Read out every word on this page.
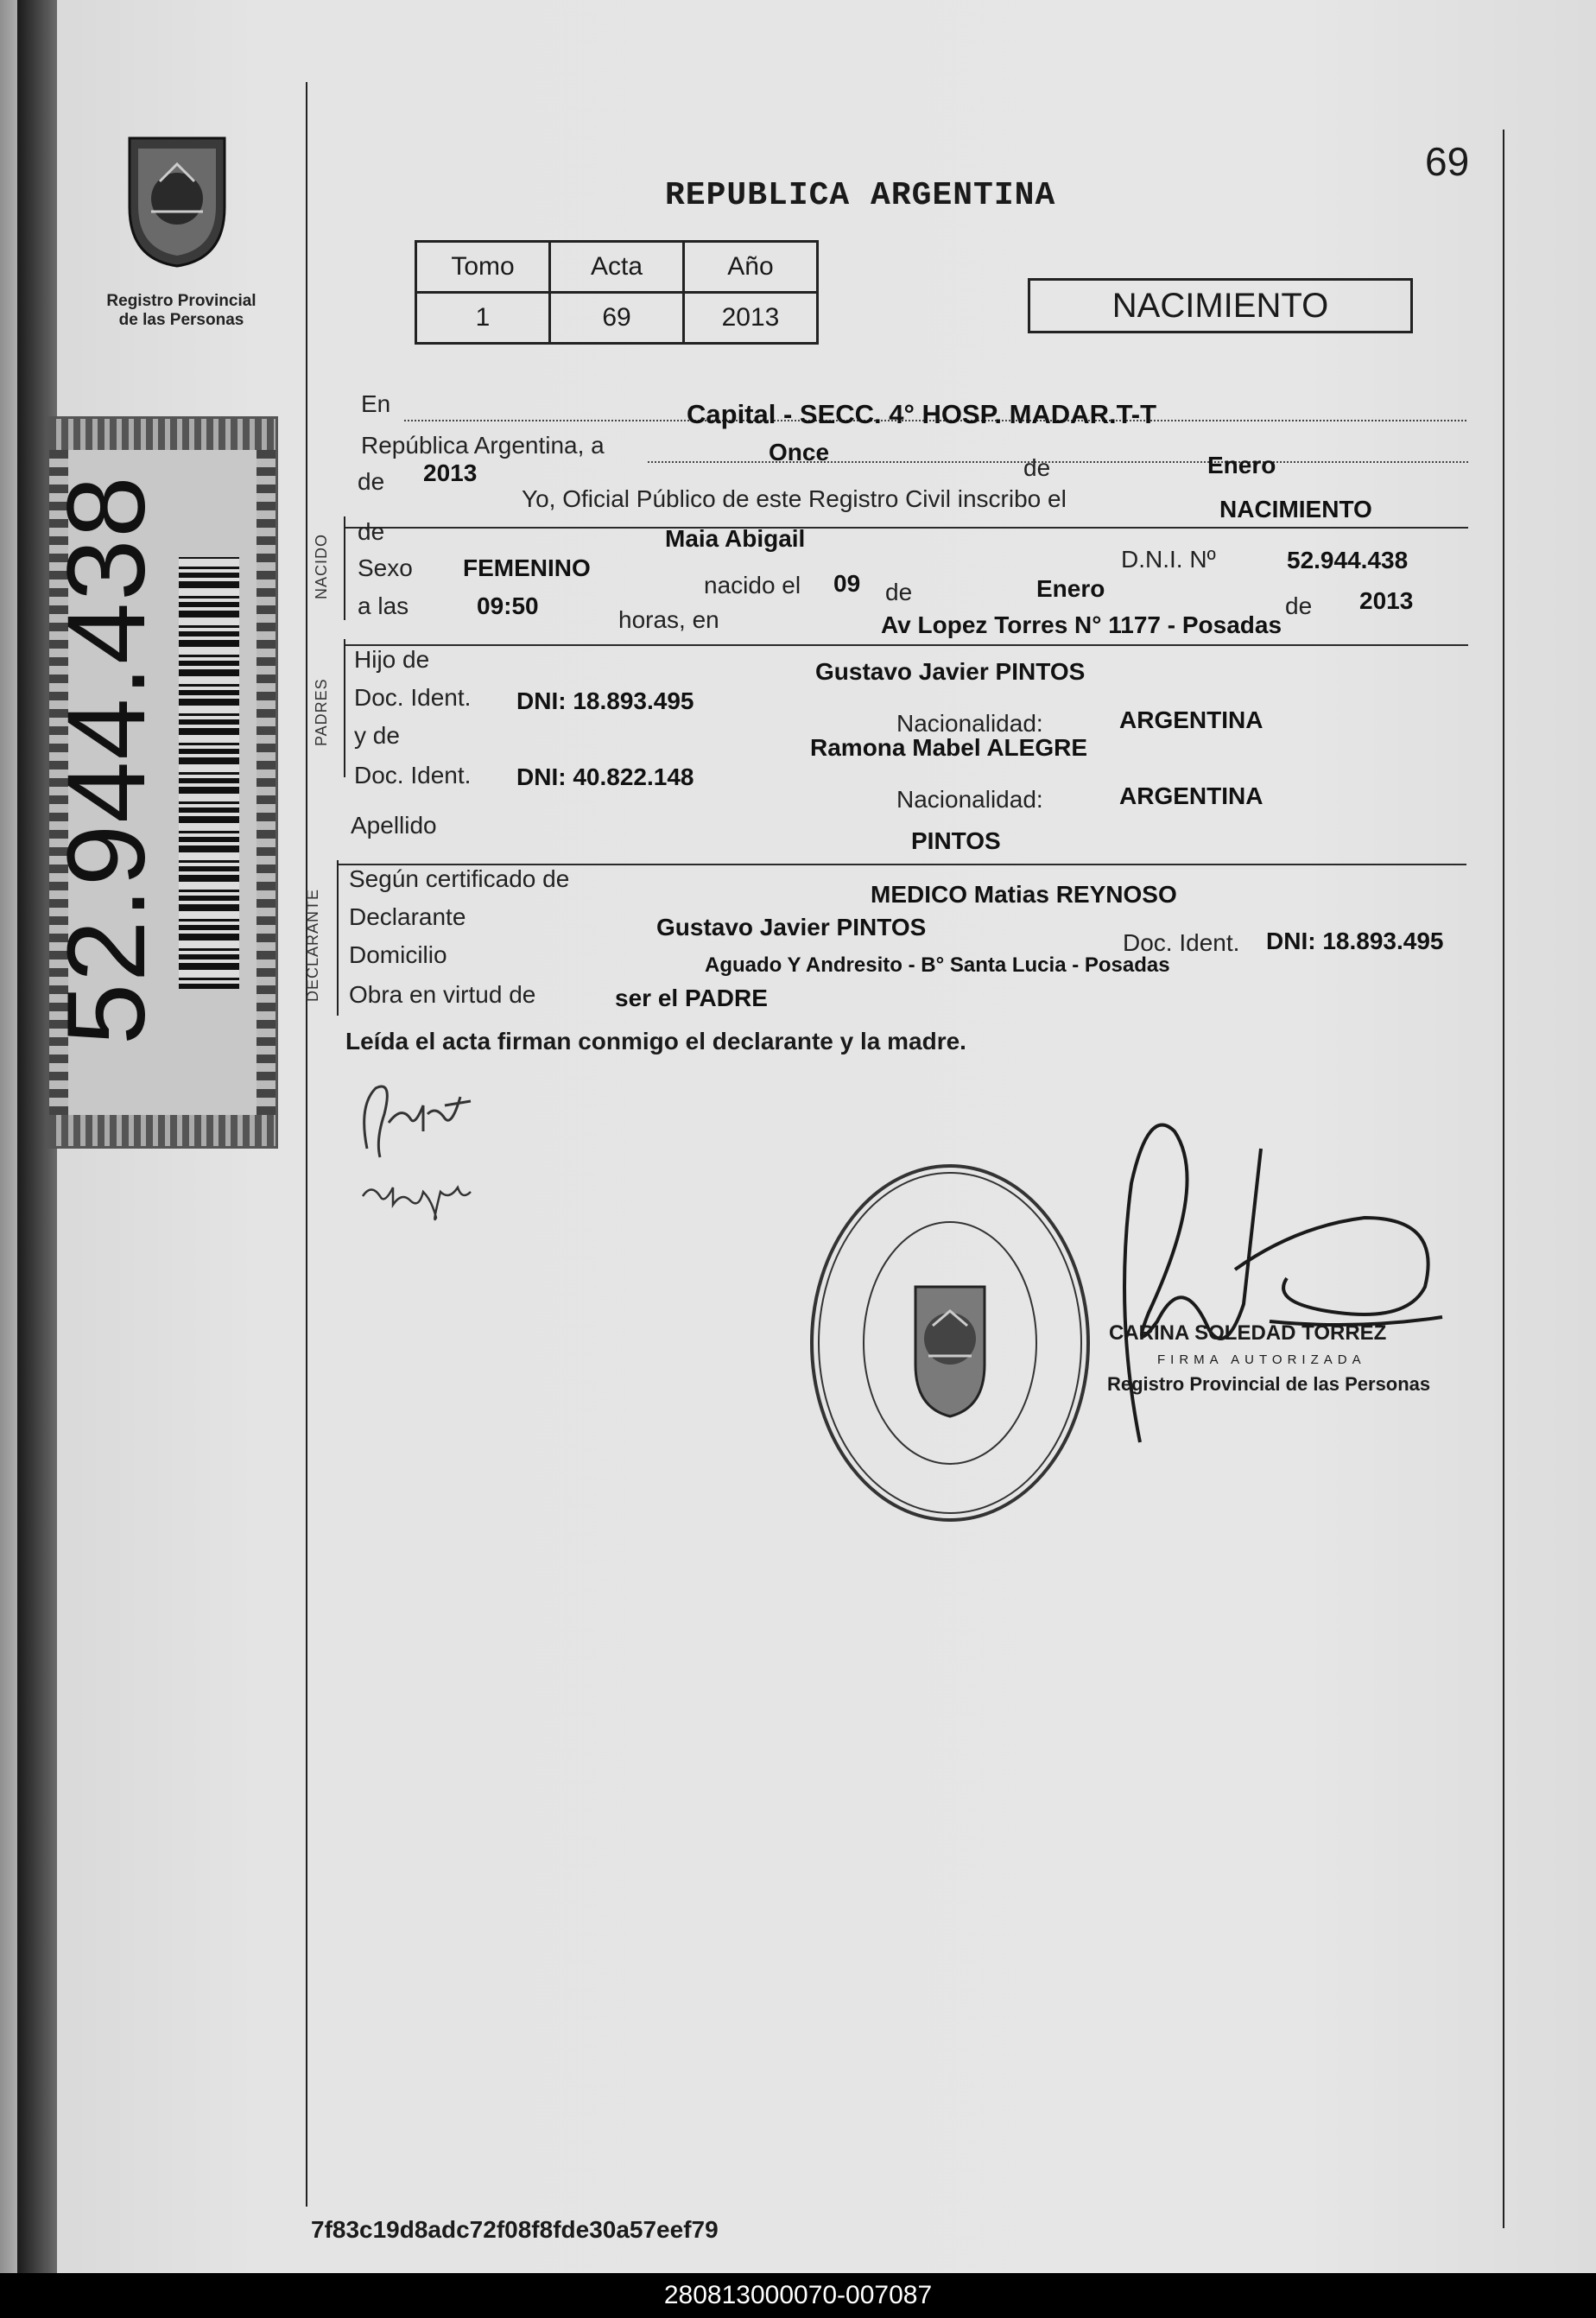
Registro Provincial de las Personas
52.944.438
69
REPUBLICA ARGENTINA
Tomo	Acta	Año
1	69	2013	NACIMIENTO
En	Capital - SECC. 4° HOSP. MADAR.T-T
República Argentina, a	Once
de	Enero
de 2013
Yo, Oficial Público de este Registro Civil inscribo el	NACIMIENTO
NACIDO
de	Maia Abigail
D.N.I. Nº	52.944.438
Sexo FEMENINO
nacido el 09 de	Enero
de 2013
a las	09:50
horas, en	Av Lopez Torres N° 1177 - Posadas
PADRES
Hijo de	Gustavo Javier PINTOS
Doc. Ident. DNI: 18.893.495
Nacionalidad:	ARGENTINA
y de	Ramona Mabel ALEGRE
Doc. Ident. DNI: 40.822.148
Nacionalidad:	ARGENTINA
Apellido
PINTOS
DECLARANTE
Según certificado de
MEDICO Matias REYNOSO
Declarante	Gustavo Javier PINTOS
Doc. Ident. DNI: 18.893.495
Domicilio	Aguado Y Andresito - B° Santa Lucia - Posadas
Obra en virtud de	ser el PADRE
Leída el acta firman conmigo el declarante y la madre.
CARINA SOLEDAD TORREZ
FIRMA AUTORIZADA
Registro Provincial de las Personas
7f83c19d8adc72f08f8fde30a57eef79
280813000070-007087
